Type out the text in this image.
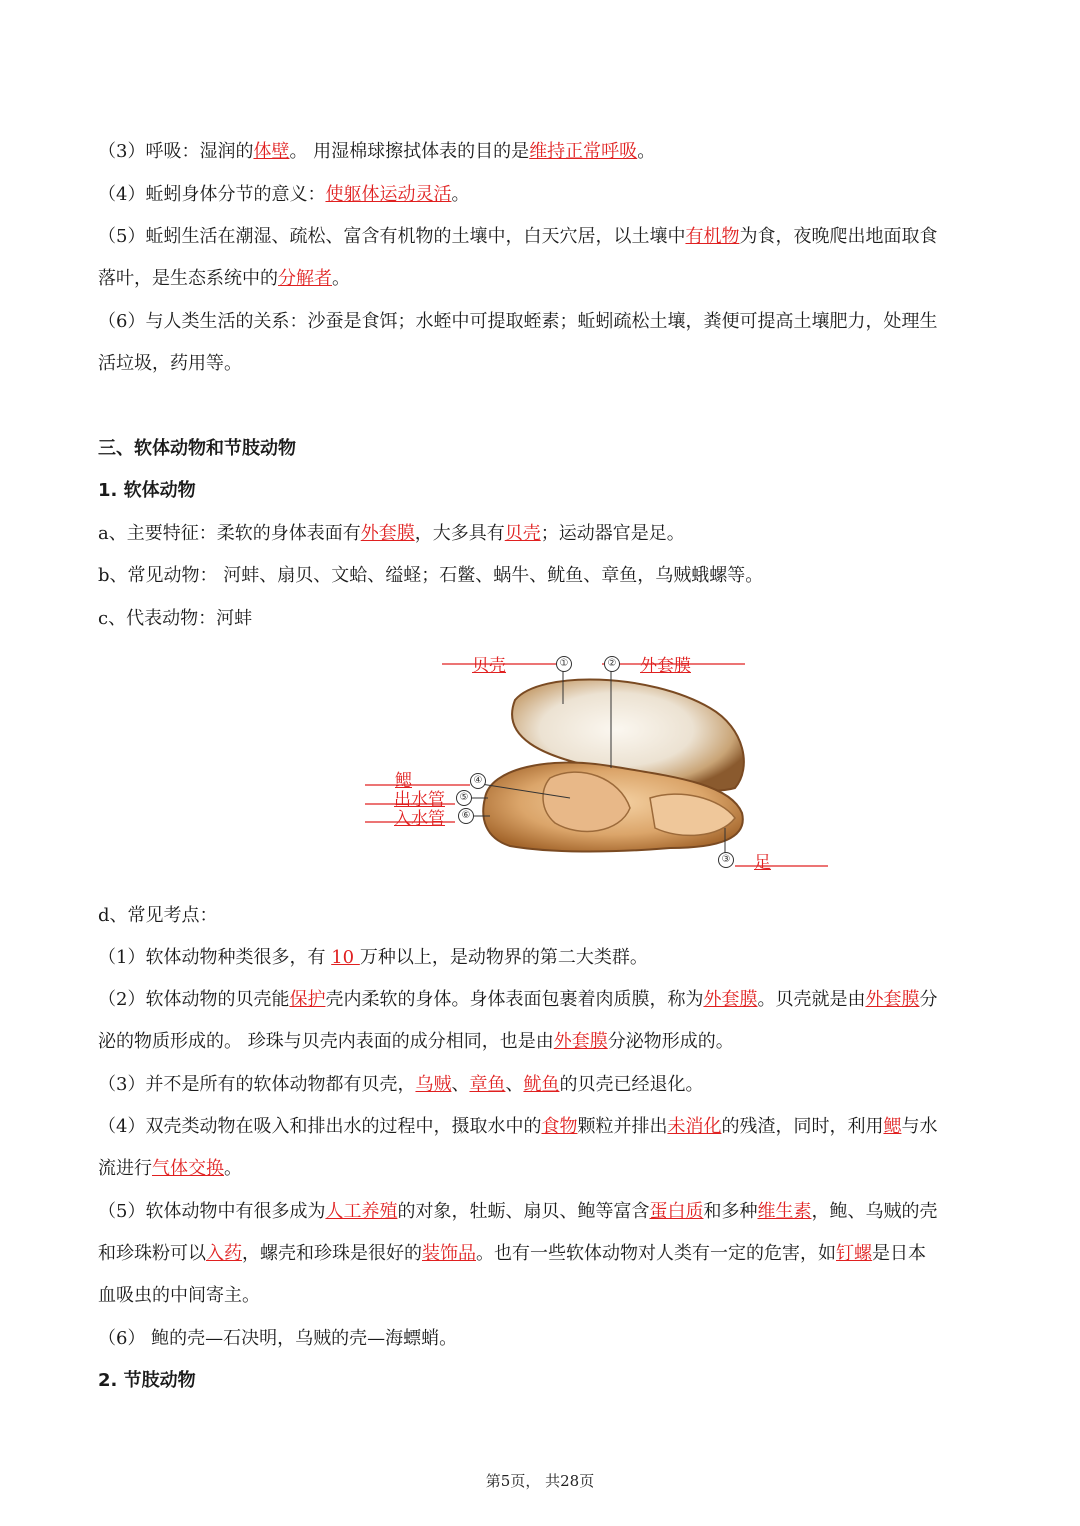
（3）呼吸：湿润的体壁。 用湿棉球擦拭体表的目的是维持正常呼吸。
（4）蚯蚓身体分节的意义：使躯体运动灵活。
（5）蚯蚓生活在潮湿、疏松、富含有机物的土壤中，白天穴居，以土壤中有机物为食，夜晚爬出地面取食
落叶，是生态系统中的分解者。
（6）与人类生活的关系：沙蚕是食饵；水蛭中可提取蛭素；蚯蚓疏松土壤，粪便可提高土壤肥力，处理生
活垃圾，药用等。
三、软体动物和节肢动物
1. 软体动物
a、主要特征：柔软的身体表面有外套膜，大多具有贝壳；运动器官是足。
b、常见动物： 河蚌、扇贝、文蛤、缢蛏；石鳖、蜗牛、鱿鱼、章鱼，乌贼蛾螺等。
c、代表动物：河蚌
贝壳	外套膜
鳃
出水管
入水管
足
①	②
③
④
⑤
⑥
d、常见考点：
（1）软体动物种类很多，有 10 万种以上，是动物界的第二大类群。
（2）软体动物的贝壳能保护壳内柔软的身体。身体表面包裹着肉质膜，称为外套膜。贝壳就是由外套膜分
泌的物质形成的。 珍珠与贝壳内表面的成分相同，也是由外套膜分泌物形成的。
（3）并不是所有的软体动物都有贝壳，乌贼、章鱼、鱿鱼的贝壳已经退化。
（4）双壳类动物在吸入和排出水的过程中，摄取水中的食物颗粒并排出未消化的残渣，同时，利用鳃与水
流进行气体交换。
（5）软体动物中有很多成为人工养殖的对象，牡蛎、扇贝、鲍等富含蛋白质和多种维生素，鲍、乌贼的壳
和珍珠粉可以入药，螺壳和珍珠是很好的装饰品。也有一些软体动物对人类有一定的危害，如钉螺是日本
血吸虫的中间寄主。
（6） 鲍的壳—石决明，乌贼的壳—海螵蛸。
2. 节肢动物
第5页， 共28页
